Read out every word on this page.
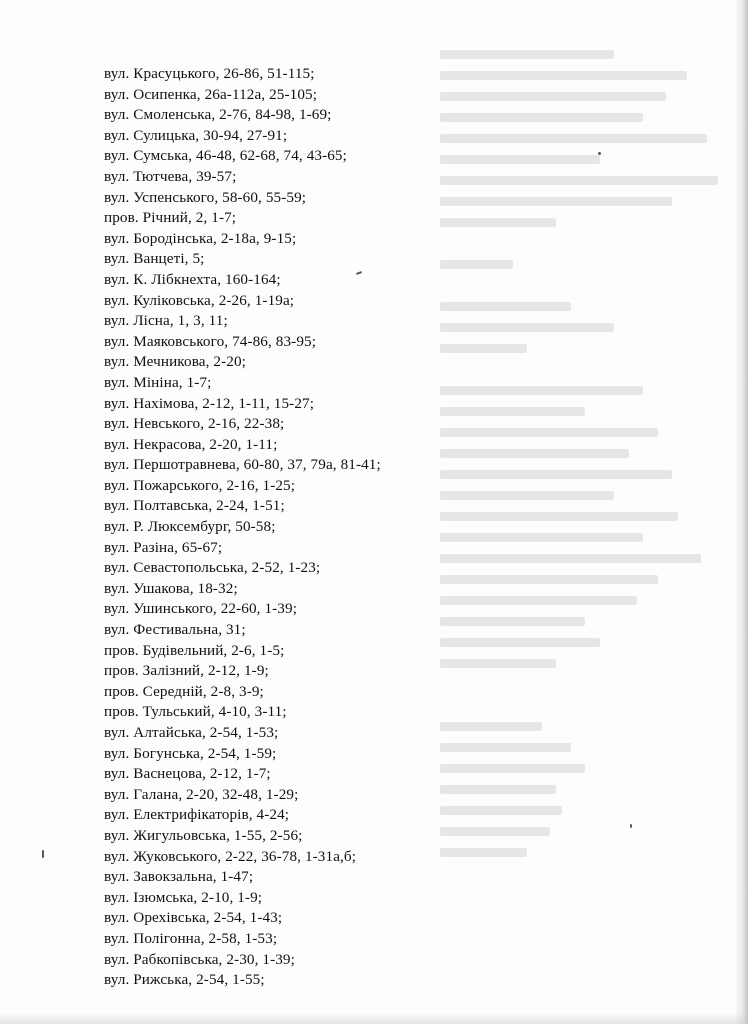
вул. Красуцького, 26-86, 51-115;
вул. Осипенка, 26а-112а, 25-105;
вул. Смоленська, 2-76, 84-98, 1-69;
вул. Сулицька, 30-94, 27-91;
вул. Сумська, 46-48, 62-68, 74, 43-65;
вул. Тютчева, 39-57;
вул. Успенського, 58-60, 55-59;
пров. Річний, 2, 1-7;
вул. Бородінська, 2-18а, 9-15;
вул. Ванцеті, 5;
вул. К. Лібкнехта, 160-164;
вул. Куліковська, 2-26, 1-19а;
вул. Лісна, 1, 3, 11;
вул. Маяковського, 74-86, 83-95;
вул. Мечникова, 2-20;
вул. Мініна, 1-7;
вул. Нахімова, 2-12, 1-11, 15-27;
вул. Невського, 2-16, 22-38;
вул. Некрасова, 2-20, 1-11;
вул. Першотравнева, 60-80, 37, 79а, 81-41;
вул. Пожарського, 2-16, 1-25;
вул. Полтавська, 2-24, 1-51;
вул. Р. Люксембург, 50-58;
вул. Разіна, 65-67;
вул. Севастопольська, 2-52, 1-23;
вул. Ушакова, 18-32;
вул. Ушинського, 22-60, 1-39;
вул. Фестивальна, 31;
пров. Будівельний, 2-6, 1-5;
пров. Залізний, 2-12, 1-9;
пров. Середній, 2-8, 3-9;
пров. Тульський, 4-10, 3-11;
вул. Алтайська, 2-54, 1-53;
вул. Богунська, 2-54, 1-59;
вул. Васнецова, 2-12, 1-7;
вул. Галана, 2-20, 32-48, 1-29;
вул. Електрифікаторів, 4-24;
вул. Жигульовська, 1-55, 2-56;
вул. Жуковського, 2-22, 36-78, 1-31а,б;
вул. Завокзальна, 1-47;
вул. Ізюмська, 2-10, 1-9;
вул. Орехівська, 2-54, 1-43;
вул. Полігонна, 2-58, 1-53;
вул. Рабкопівська, 2-30, 1-39;
вул. Рижська, 2-54, 1-55;
